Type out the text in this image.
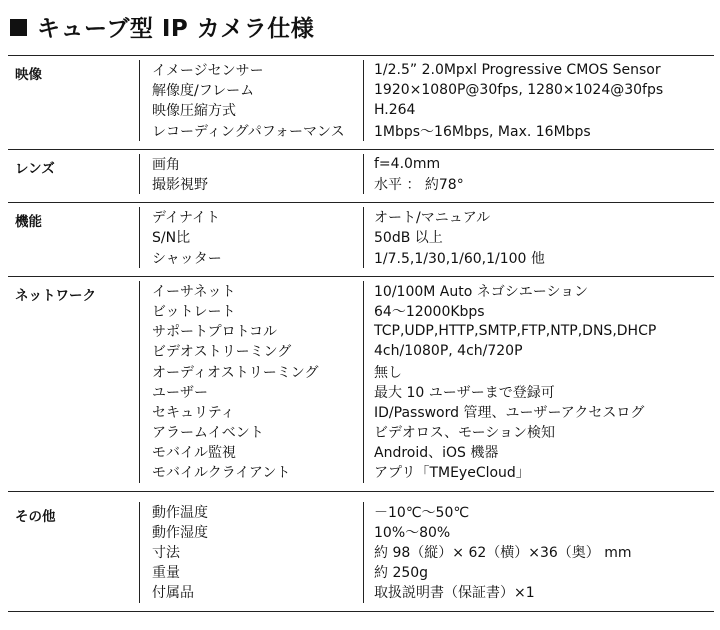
キューブ型 IP カメラ仕様
映像	イメージセンサー	1/2.5” 2.0Mpxl Progressive CMOS Sensor
解像度/フレーム	1920×1080P@30fps, 1280×1024@30fps
映像圧縮方式	H.264
レコーディングパフォーマンス	1Mbps～16Mbps, Max. 16Mbps
レンズ	画角	f=4.0mm
撮影視野	水平 ： 約78°
機能	デイナイト	オート/マニュアル
S/N比	50dB 以上
シャッター	1/7.5,1/30,1/60,1/100 他
ネットワーク	イーサネット	10/100M Auto ネゴシエーション
ビットレート	64～12000Kbps
サポートプロトコル	TCP,UDP,HTTP,SMTP,FTP,NTP,DNS,DHCP
ビデオストリーミング	4ch/1080P, 4ch/720P
オーディオストリーミング	無し
ユーザー	最大 10 ユーザーまで登録可
セキュリティ	ID/Password 管理、ユーザーアクセスログ
アラームイベント	ビデオロス、モーション検知
モバイル監視	Android、iOS 機器
モバイルクライアント	アプリ「TMEyeCloud」
その他	動作温度	－10℃～50℃
動作湿度	10%～80%
寸法	約 98（縦）× 62（横）×36（奥） mm
重量	約 250g
付属品	取扱説明書（保証書）×1
